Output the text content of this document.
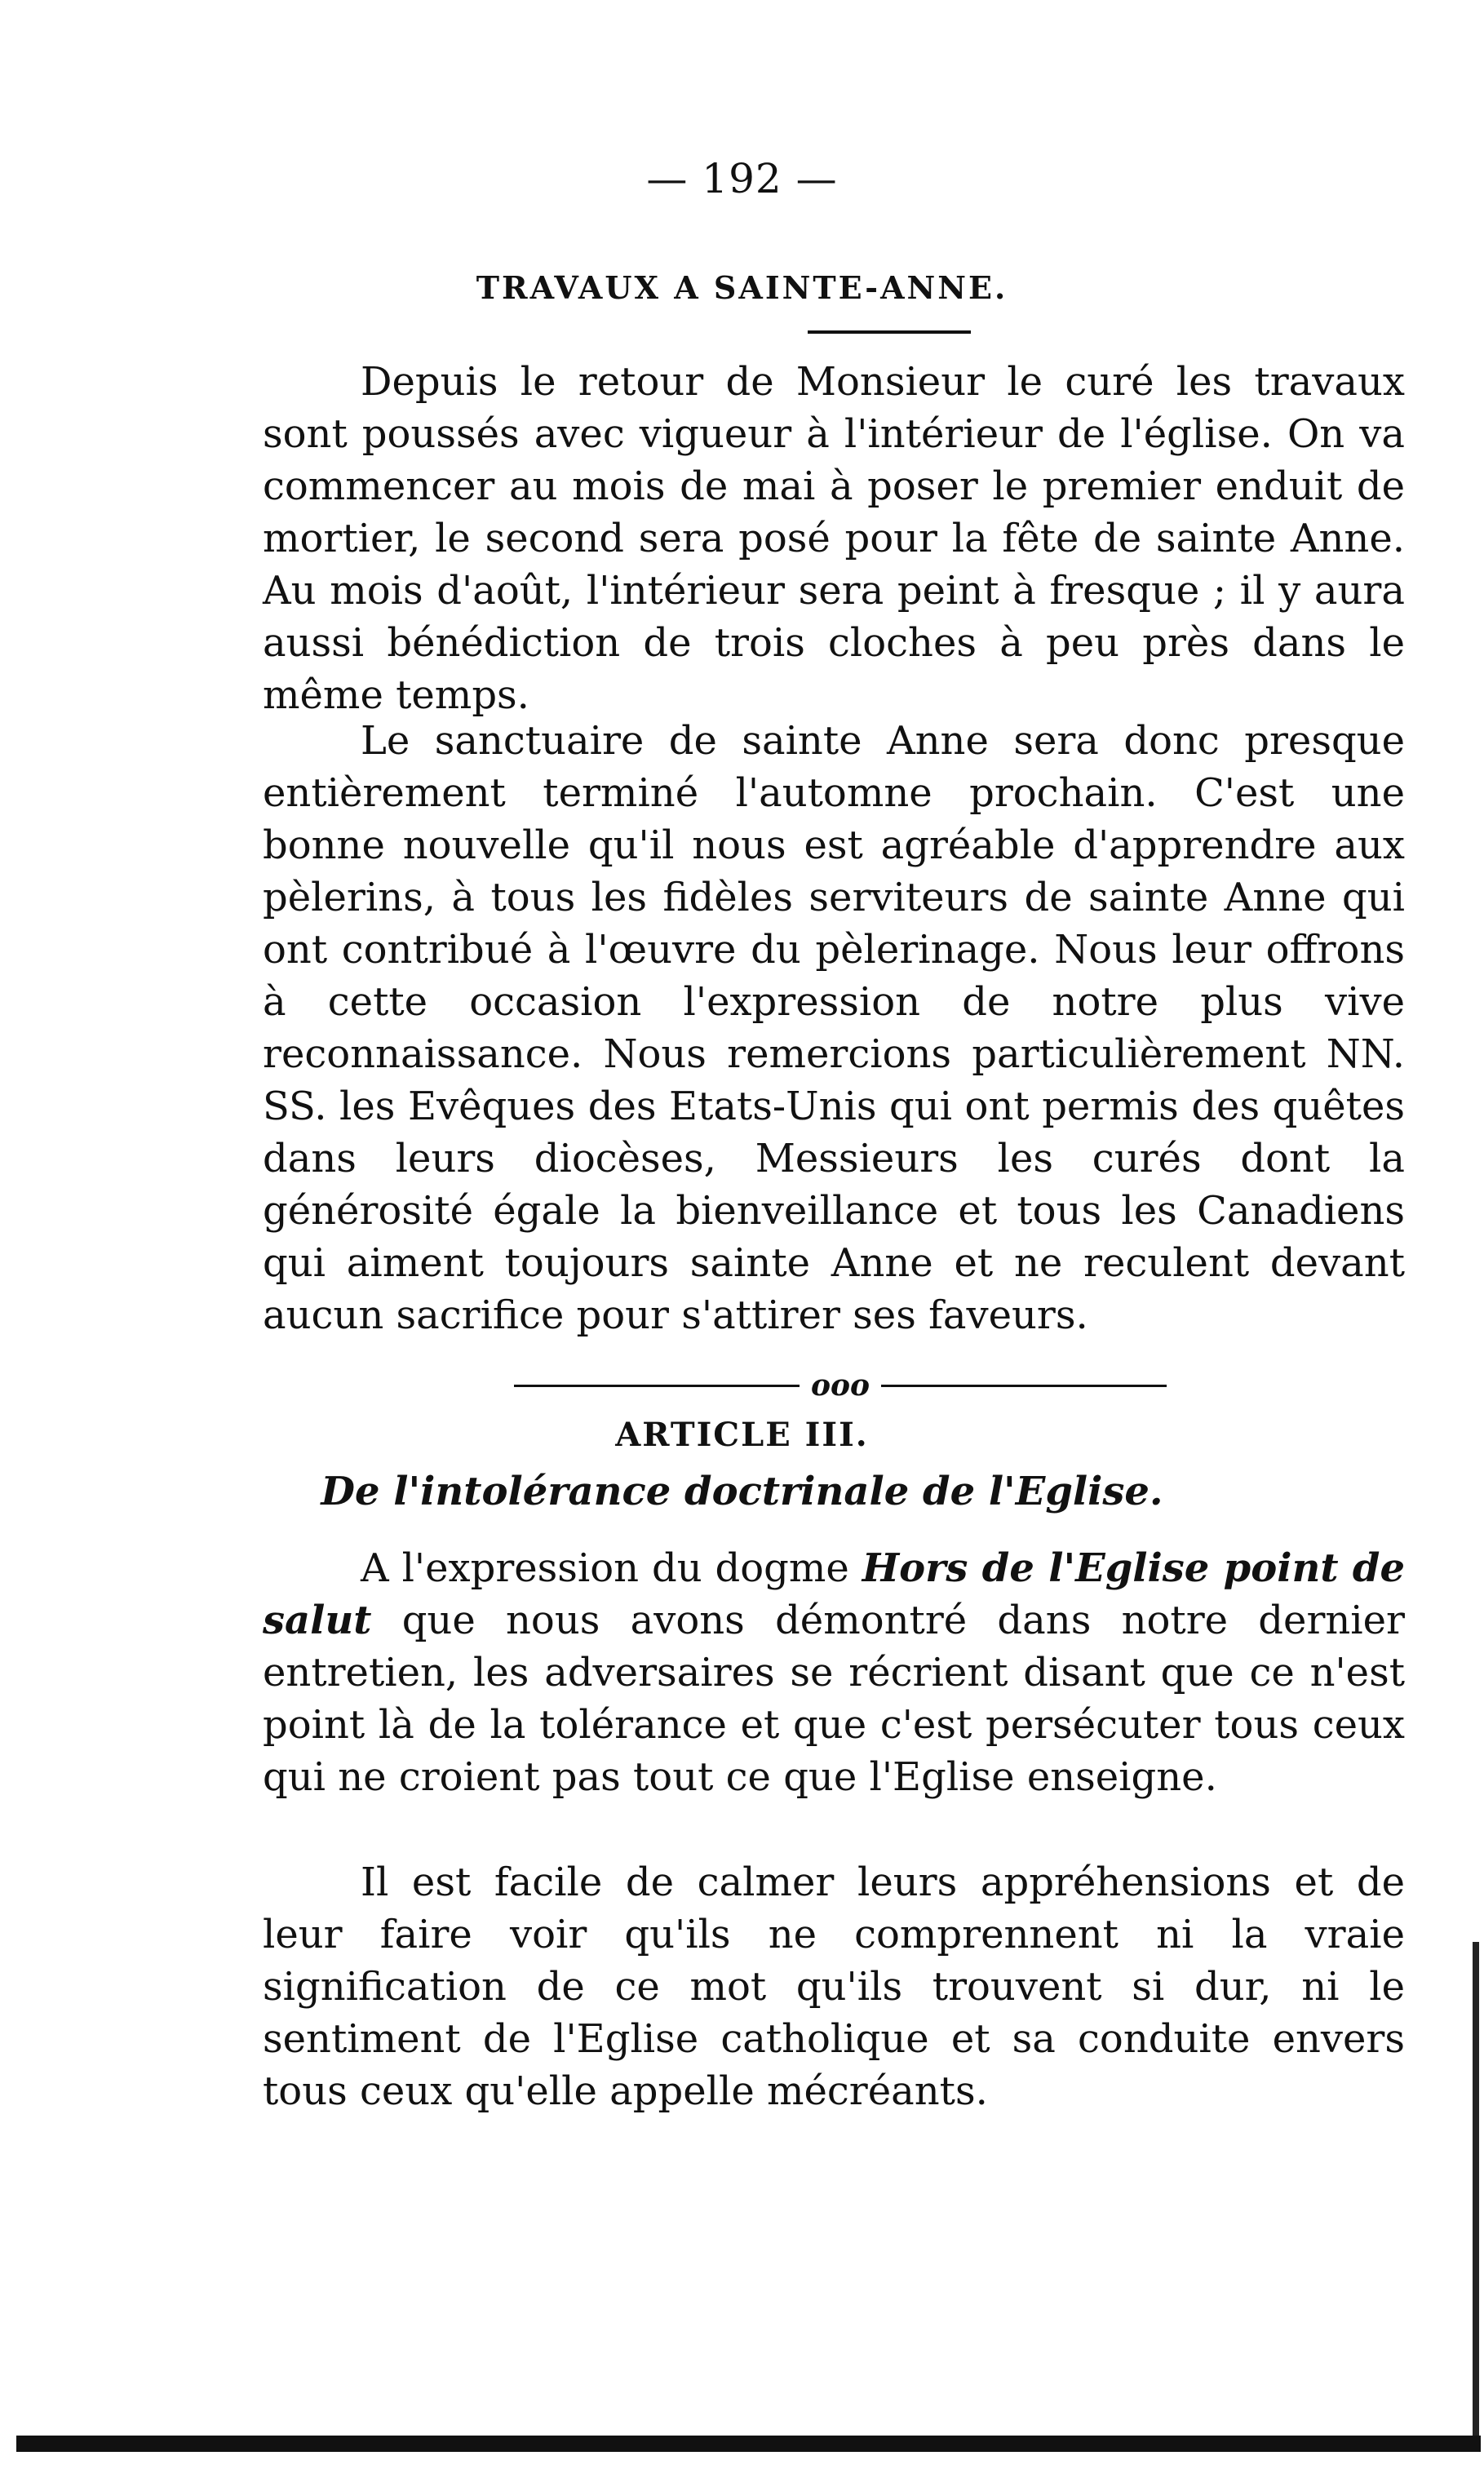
— 192 —
TRAVAUX A SAINTE-ANNE.

Depuis le retour de Monsieur le curé les travaux sont poussés avec vigueur à l'intérieur de l'église. On va commencer au mois de mai à poser le premier enduit de mortier, le second sera posé pour la fête de sainte Anne. Au mois d'août, l'intérieur sera peint à fresque ; il y aura aussi bénédiction de trois cloches à peu près dans le même temps.

Le sanctuaire de sainte Anne sera donc presque entièrement terminé l'automne prochain. C'est une bonne nouvelle qu'il nous est agréable d'apprendre aux pèlerins, à tous les fidèles serviteurs de sainte Anne qui ont contribué à l'œuvre du pèlerinage. Nous leur offrons à cette occasion l'expression de notre plus vive reconnaissance. Nous remercions particulièrement NN. SS. les Evêques des Etats-Unis qui ont permis des quêtes dans leurs diocèses, Messieurs les curés dont la générosité égale la bienveillance et tous les Canadiens qui aiment toujours sainte Anne et ne reculent devant aucun sacrifice pour s'attirer ses faveurs.

ooo
ARTICLE III.
De l'intolérance doctrinale de l'Eglise.

A l'expression du dogme Hors de l'Eglise point de salut que nous avons démontré dans notre dernier entretien, les adversaires se récrient disant que ce n'est point là de la tolérance et que c'est persécuter tous ceux qui ne croient pas tout ce que l'Eglise enseigne.

Il est facile de calmer leurs appréhensions et de leur faire voir qu'ils ne comprennent ni la vraie signification de ce mot qu'ils trouvent si dur, ni le sentiment de l'Eglise catholique et sa conduite envers tous ceux qu'elle appelle mécréants.
